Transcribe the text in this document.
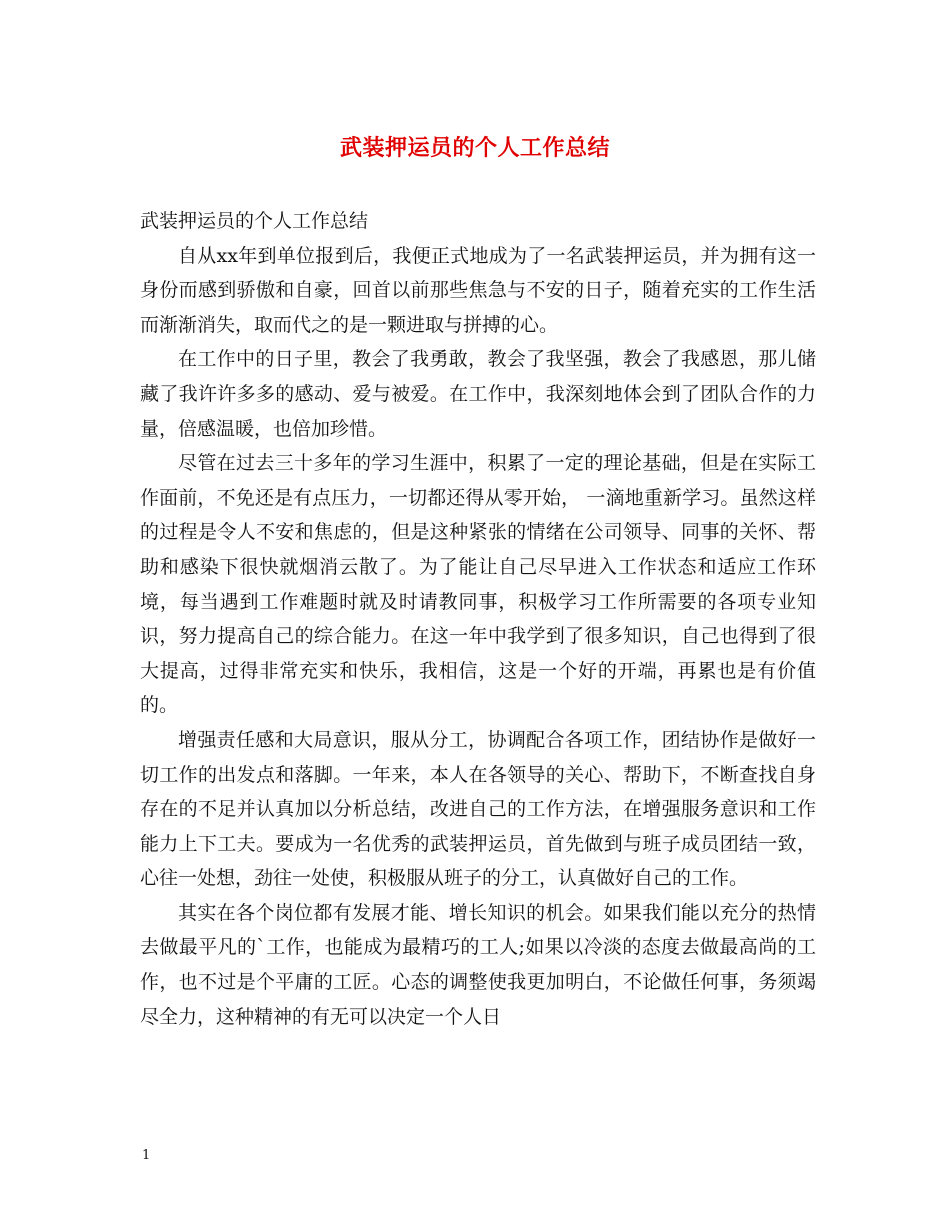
武装押运员的个人工作总结

武装押运员的个人工作总结

自从xx年到单位报到后，我便正式地成为了一名武装押运员，并为拥有这一身份而感到骄傲和自豪，回首以前那些焦急与不安的日子，随着充实的工作生活而渐渐消失，取而代之的是一颗进取与拼搏的心。

在工作中的日子里，教会了我勇敢，教会了我坚强，教会了我感恩，那儿储藏了我许许多多的感动、爱与被爱。在工作中，我深刻地体会到了团队合作的力量，倍感温暖，也倍加珍惜。

尽管在过去三十多年的学习生涯中，积累了一定的理论基础，但是在实际工作面前，不免还是有点压力，一切都还得从零开始， 一滴地重新学习。虽然这样的过程是令人不安和焦虑的，但是这种紧张的情绪在公司领导、同事的关怀、帮助和感染下很快就烟消云散了。为了能让自己尽早进入工作状态和适应工作环境，每当遇到工作难题时就及时请教同事，积极学习工作所需要的各项专业知识，努力提高自己的综合能力。在这一年中我学到了很多知识，自己也得到了很大提高，过得非常充实和快乐，我相信，这是一个好的开端，再累也是有价值的。

增强责任感和大局意识，服从分工，协调配合各项工作，团结协作是做好一切工作的出发点和落脚。一年来，本人在各领导的关心、帮助下，不断查找自身存在的不足并认真加以分析总结，改进自己的工作方法，在增强服务意识和工作能力上下工夫。要成为一名优秀的武装押运员，首先做到与班子成员团结一致，心往一处想，劲往一处使，积极服从班子的分工，认真做好自己的工作。

其实在各个岗位都有发展才能、增长知识的机会。如果我们能以充分的热情去做最平凡的`工作，也能成为最精巧的工人;如果以冷淡的态度去做最高尚的工作，也不过是个平庸的工匠。心态的调整使我更加明白，不论做任何事，务须竭尽全力，这种精神的有无可以决定一个人日

1
